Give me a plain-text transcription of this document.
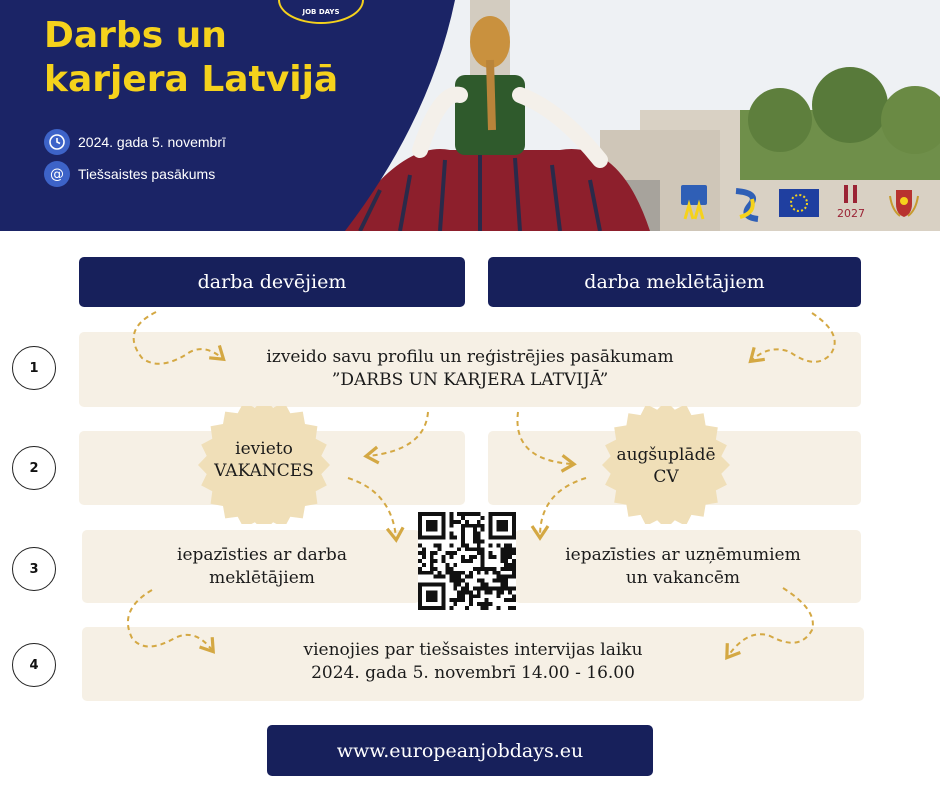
JOB DAYS
Darbs un
karjera Latvijā
2024. gada 5. novembrī
@ Tiešsaistes pasākums
2027
darba devējiem	darba meklētājiem
1
izveido savu profilu un reģistrējies pasākumam
”DARBS UN KARJERA LATVIJĀ”
2
ievieto
VAKANCES
augšuplādē
CV
3
iepazīsties ar darba
meklētājiem
iepazīsties ar uzņēmumiem
un vakancēm
4
vienojies par tiešsaistes intervijas laiku
2024. gada 5. novembrī 14.00 - 16.00
www.europeanjobdays.eu
